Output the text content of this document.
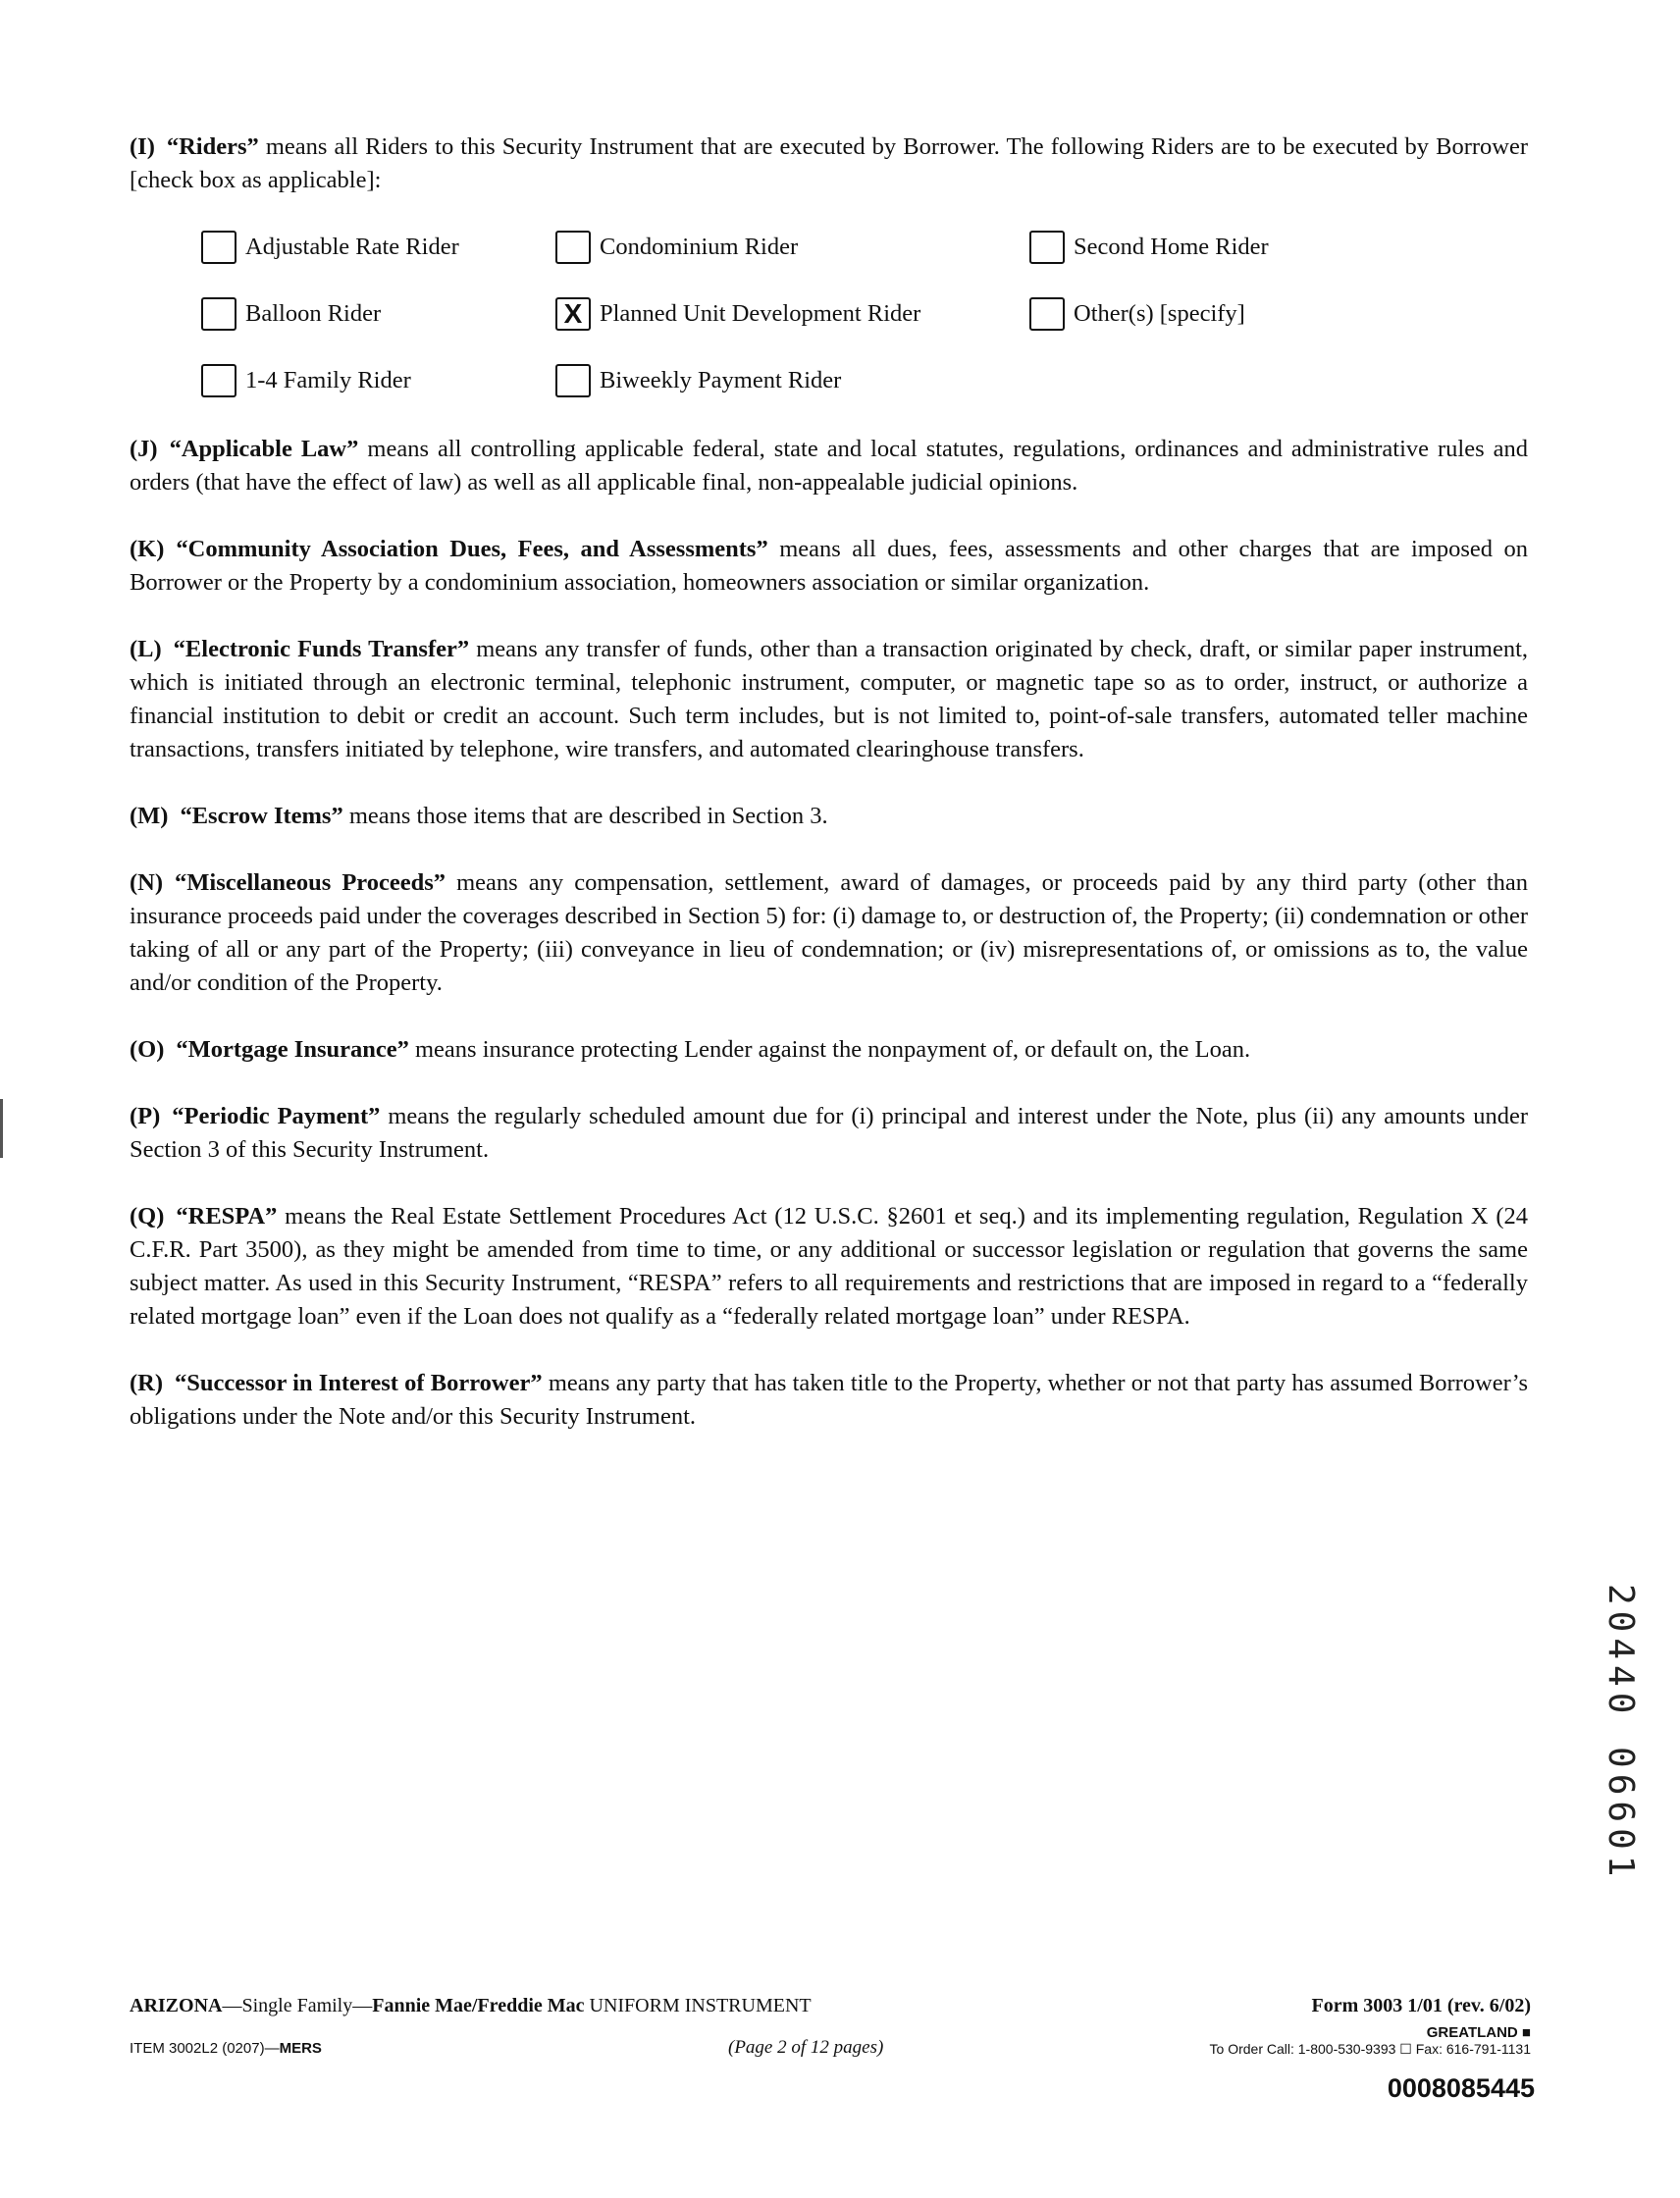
(I) “Riders” means all Riders to this Security Instrument that are executed by Borrower. The following Riders are to be executed by Borrower [check box as applicable]:

Adjustable Rate Rider	Condominium Rider	Second Home Rider
Balloon Rider	X Planned Unit Development Rider	Other(s) [specify]
1-4 Family Rider	Biweekly Payment Rider

(J) “Applicable Law” means all controlling applicable federal, state and local statutes, regulations, ordinances and administrative rules and orders (that have the effect of law) as well as all applicable final, non-appealable judicial opinions.

(K) “Community Association Dues, Fees, and Assessments” means all dues, fees, assessments and other charges that are imposed on Borrower or the Property by a condominium association, homeowners association or similar organization.

(L) “Electronic Funds Transfer” means any transfer of funds, other than a transaction originated by check, draft, or similar paper instrument, which is initiated through an electronic terminal, telephonic instrument, computer, or magnetic tape so as to order, instruct, or authorize a financial institution to debit or credit an account. Such term includes, but is not limited to, point-of-sale transfers, automated teller machine transactions, transfers initiated by telephone, wire transfers, and automated clearinghouse transfers.

(M) “Escrow Items” means those items that are described in Section 3.

(N) “Miscellaneous Proceeds” means any compensation, settlement, award of damages, or proceeds paid by any third party (other than insurance proceeds paid under the coverages described in Section 5) for: (i) damage to, or destruction of, the Property; (ii) condemnation or other taking of all or any part of the Property; (iii) conveyance in lieu of condemnation; or (iv) misrepresentations of, or omissions as to, the value and/or condition of the Property.

(O) “Mortgage Insurance” means insurance protecting Lender against the nonpayment of, or default on, the Loan.

(P) “Periodic Payment” means the regularly scheduled amount due for (i) principal and interest under the Note, plus (ii) any amounts under Section 3 of this Security Instrument.

(Q) “RESPA” means the Real Estate Settlement Procedures Act (12 U.S.C. §2601 et seq.) and its implementing regulation, Regulation X (24 C.F.R. Part 3500), as they might be amended from time to time, or any additional or successor legislation or regulation that governs the same subject matter. As used in this Security Instrument, “RESPA” refers to all requirements and restrictions that are imposed in regard to a “federally related mortgage loan” even if the Loan does not qualify as a “federally related mortgage loan” under RESPA.

(R) “Successor in Interest of Borrower” means any party that has taken title to the Property, whether or not that party has assumed Borrower’s obligations under the Note and/or this Security Instrument.

20440 06601
ARIZONA—Single Family—Fannie Mae/Freddie Mac UNIFORM INSTRUMENT	Form 3003 1/01 (rev. 6/02)
ITEM 3002L2 (0207)—MERS	(Page 2 of 12 pages)
GREATLAND ■
To Order Call: 1-800-530-9393 ☐ Fax: 616-791-1131
0008085445
